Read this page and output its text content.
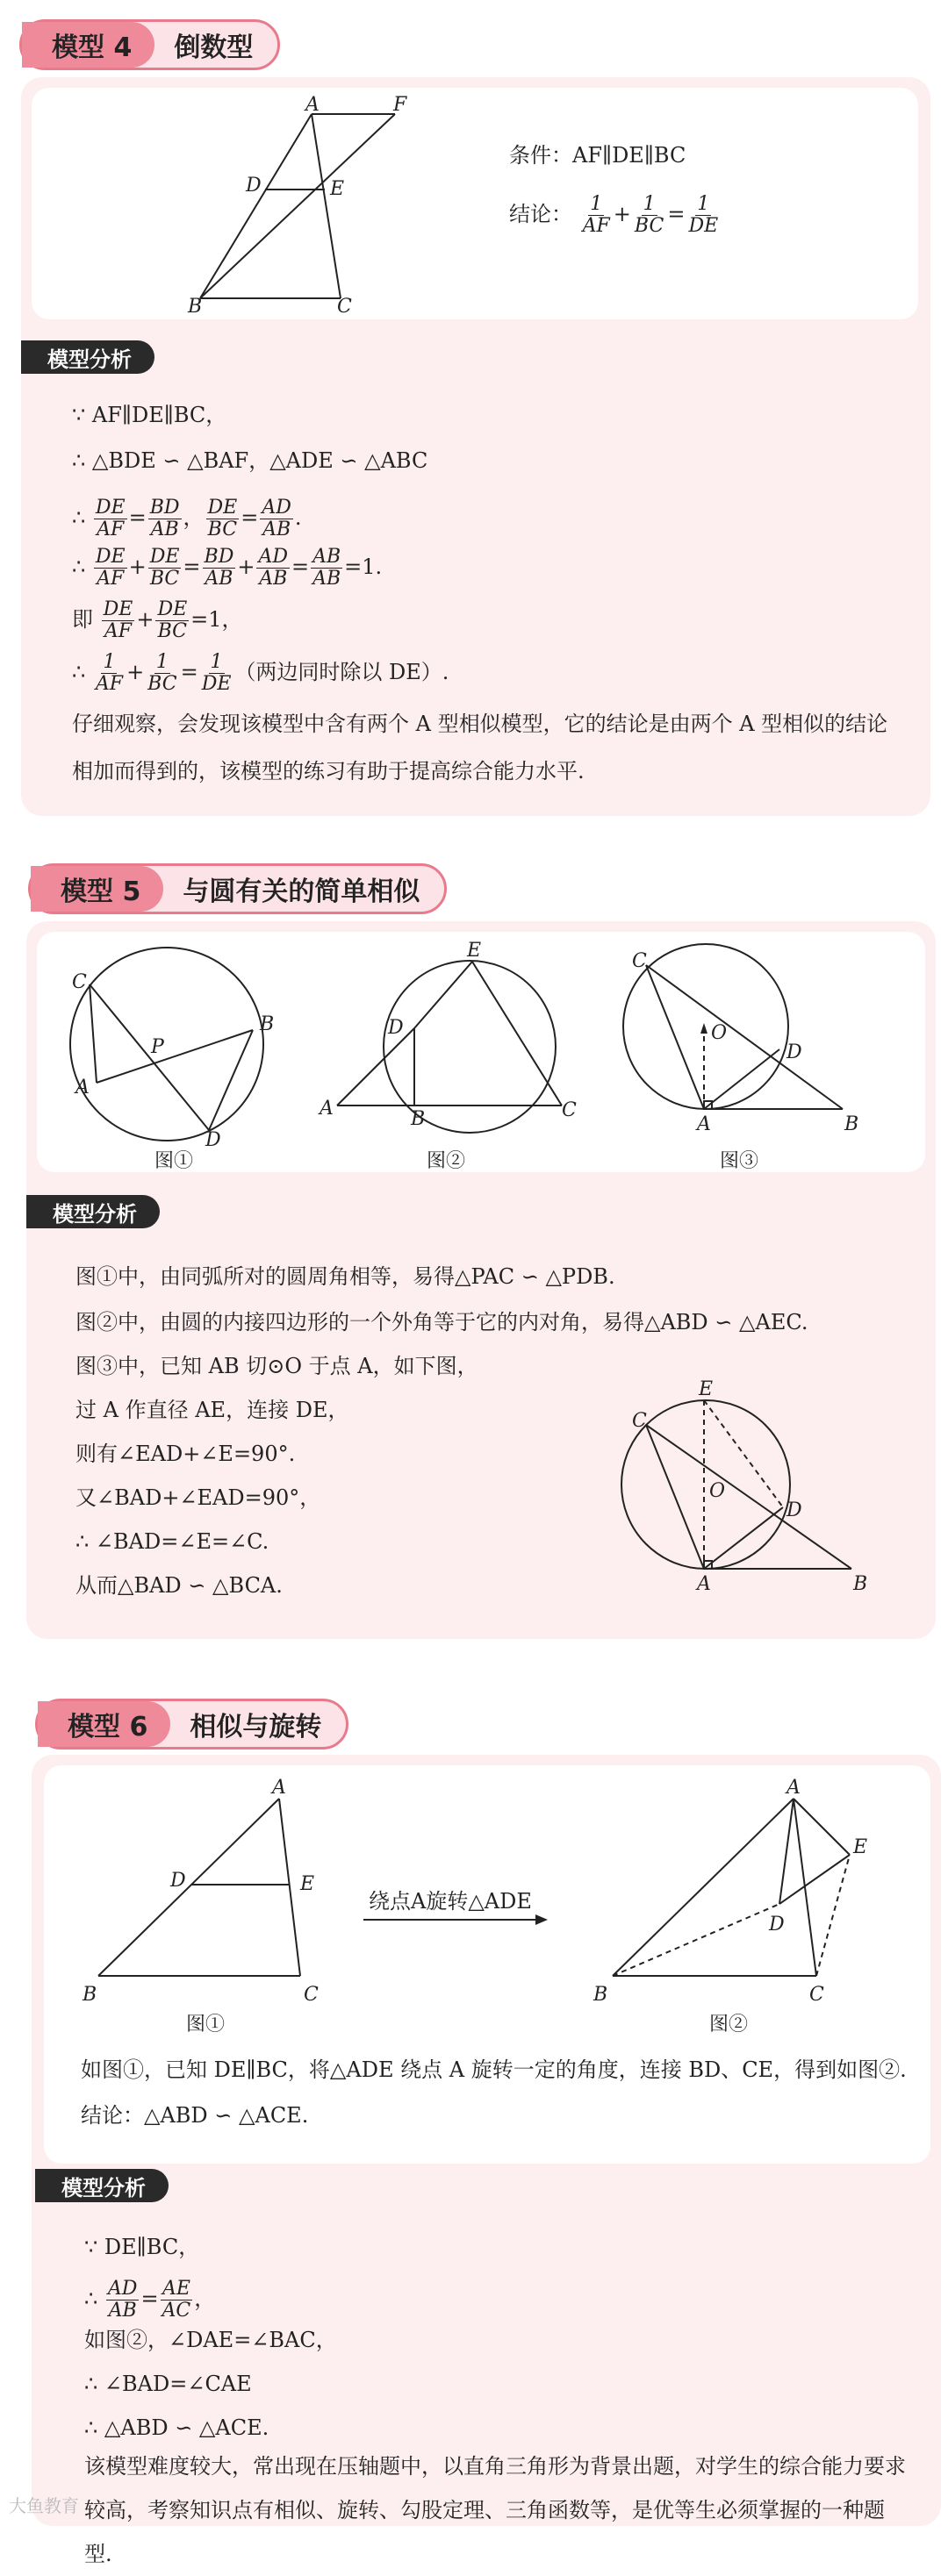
模型 4	倒数型
A	F
D	E
B	C
条件：AF∥DE∥BC
结论： $\frac{1}{AF} + \frac{1}{BC} = \frac{1}{DE}$
模型分析
∵ AF∥DE∥BC，
∴ △BDE ∽ △BAF，△ADE ∽ △ABC
∴ $\frac{DE}{AF} = \frac{BD}{AB}$ ， $\frac{DE}{BC} = \frac{AD}{AB}$ .
∴ $\frac{DE}{AF} + \frac{DE}{BC} = \frac{BD}{AB} + \frac{AD}{AB} = \frac{AB}{AB} =1$.
即 $\frac{DE}{AF} + \frac{DE}{BC} =1$，
∴ $\frac{1}{AF} + \frac{1}{BC} = \frac{1}{DE}$ （两边同时除以 DE）.
仔细观察，会发现该模型中含有两个 A 型相似模型，它的结论是由两个 A 型相似的结论相加而得到的，该模型的练习有助于提高综合能力水平.
模型 5	与圆有关的简单相似
C
B
P
A
D
图①
E
D
A	B	C
图②
C
O
D
A	B
图③
模型分析
图①中，由同弧所对的圆周角相等，易得△PAC ∽ △PDB.
图②中，由圆的内接四边形的一个外角等于它的内对角，易得△ABD ∽ △AEC.
图③中，已知 AB 切⊙O 于点 A，如下图，
过 A 作直径 AE，连接 DE，
则有∠EAD+∠E=90°.
又∠BAD+∠EAD=90°，
∴ ∠BAD=∠E=∠C.
从而△BAD ∽ △BCA.
E
C
O
D
A	B
模型 6	相似与旋转
A
D	E
B	C
图①
绕点A旋转△ADE
A
E
D
B	C
图②
如图①，已知 DE∥BC，将△ADE 绕点 A 旋转一定的角度，连接 BD、CE，得到如图②.
结论：△ABD ∽ △ACE.
模型分析
∵ DE∥BC，
∴ $\frac{AD}{AB} = \frac{AE}{AC}$ ，
如图②，∠DAE=∠BAC，
∴ ∠BAD=∠CAE
∴ △ABD ∽ △ACE.
该模型难度较大，常出现在压轴题中，以直角三角形为背景出题，对学生的综合能力要求较高，考察知识点有相似、旋转、勾股定理、三角函数等，是优等生必须掌握的一种题型.
大鱼教育
